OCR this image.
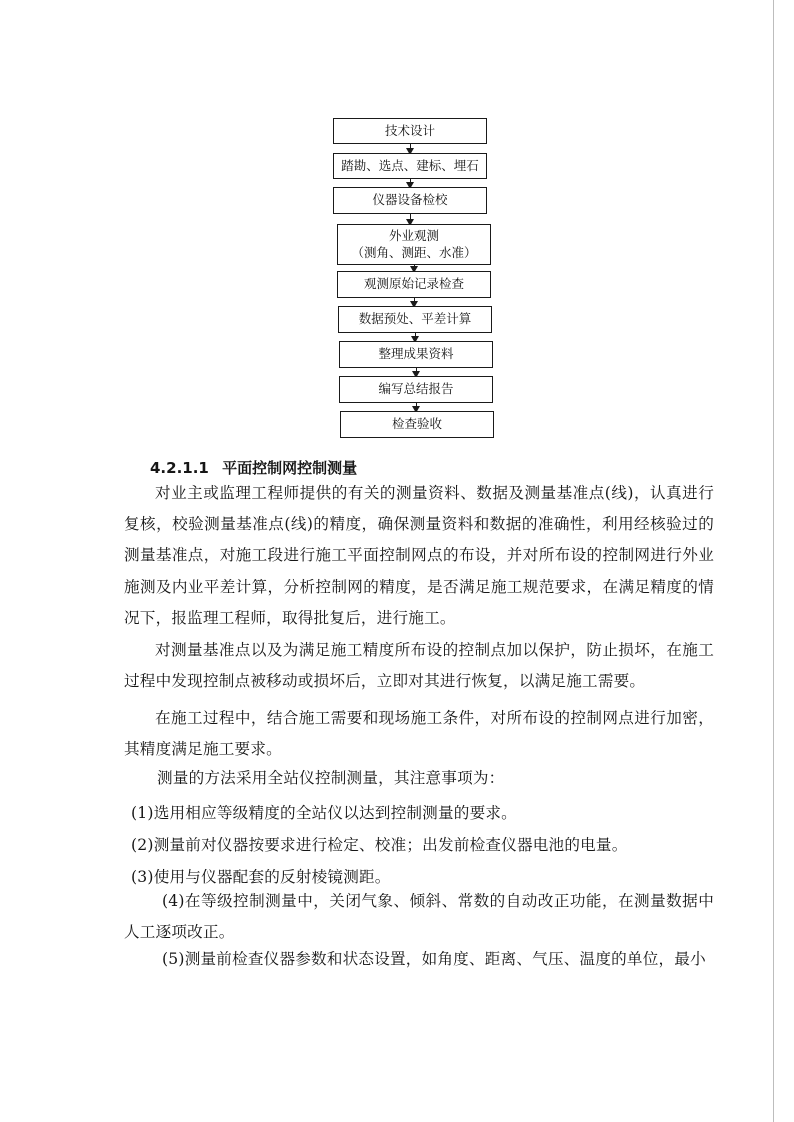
技术设计
踏勘、选点、建标、埋石
仪器设备检校
外业观测
（测角、测距、水准）
观测原始记录检查
数据预处、平差计算
整理成果资料
编写总结报告
检查验收
4.2.1.1 平面控制网控制测量
对业主或监理工程师提供的有关的测量资料、数据及测量基准点(线)，认真进行复核，校验测量基准点(线)的精度，确保测量资料和数据的准确性，利用经核验过的测量基准点，对施工段进行施工平面控制网点的布设，并对所布设的控制网进行外业施测及内业平差计算，分析控制网的精度，是否满足施工规范要求，在满足精度的情况下，报监理工程师，取得批复后，进行施工。
对测量基准点以及为满足施工精度所布设的控制点加以保护，防止损坏，在施工过程中发现控制点被移动或损坏后，立即对其进行恢复，以满足施工需要。
在施工过程中，结合施工需要和现场施工条件，对所布设的控制网点进行加密，其精度满足施工要求。
测量的方法采用全站仪控制测量，其注意事项为：
(1)选用相应等级精度的全站仪以达到控制测量的要求。
(2)测量前对仪器按要求进行检定、校准；出发前检查仪器电池的电量。
(3)使用与仪器配套的反射棱镜测距。
(4)在等级控制测量中，关闭气象、倾斜、常数的自动改正功能，在测量数据中人工逐项改正。
(5)测量前检查仪器参数和状态设置，如角度、距离、气压、温度的单位，最小
